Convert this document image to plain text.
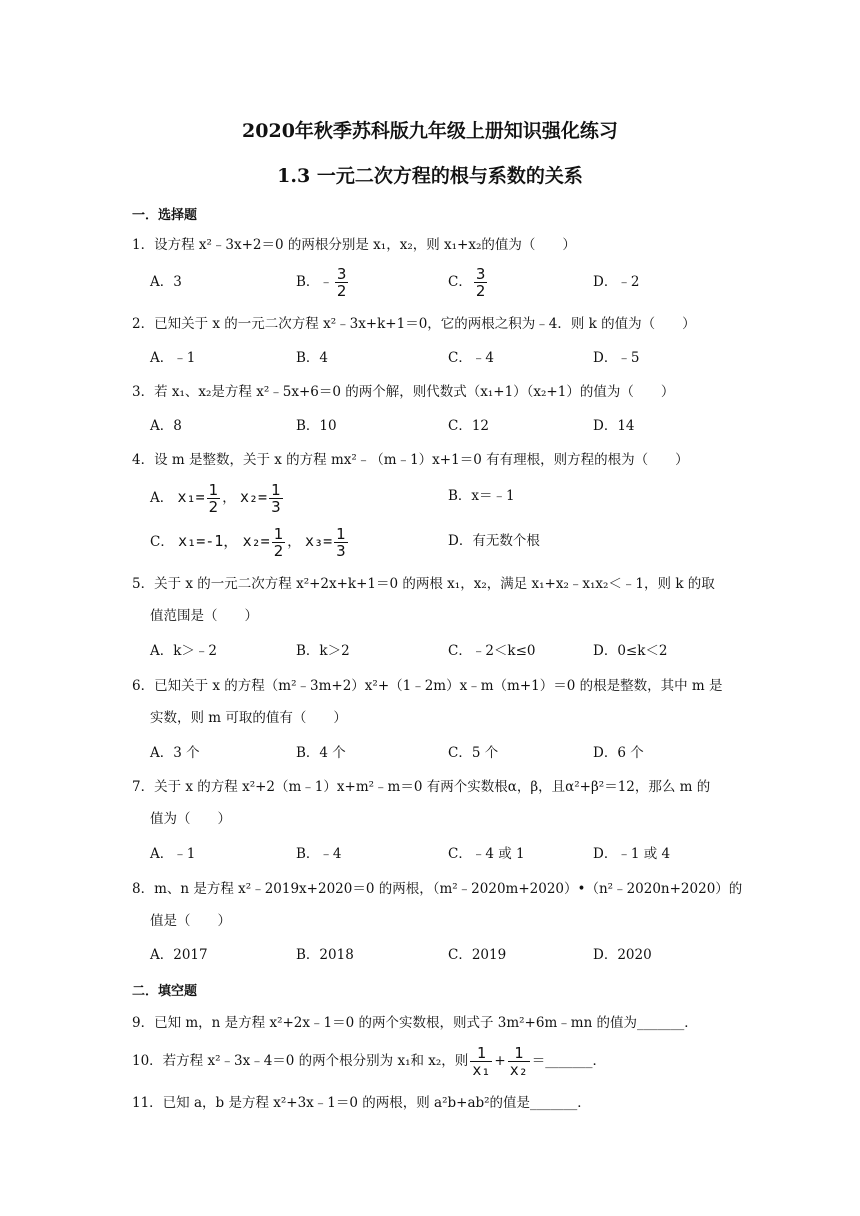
2020年秋季苏科版九年级上册知识强化练习
1.3 一元二次方程的根与系数的关系
一．选择题
1．设方程 x²﹣3x+2＝0 的两根分别是 x₁，x₂，则 x₁+x₂的值为（　　）
A．3	B．﹣ $\frac{3}{2}$	C． $\frac{3}{2}$	D．﹣2
2．已知关于 x 的一元二次方程 x²﹣3x+k+1＝0，它的两根之积为﹣4．则 k 的值为（　　）
A．﹣1	B．4	C．﹣4	D．﹣5
3．若 x₁、x₂是方程 x²﹣5x+6＝0 的两个解，则代数式（x₁+1）（x₂+1）的值为（　　）
A．8	B．10	C．12	D．14
4．设 m 是整数，关于 x 的方程 mx²﹣（m﹣1）x+1＝0 有有理根，则方程的根为（　　）
A． $x_1= \frac{1}{2}$ ， $x_2= \frac{1}{3}$	B．x＝﹣1
C． x₁=-1， $x_2= \frac{1}{2}$ ， $x_3= \frac{1}{3}$	D．有无数个根
5．关于 x 的一元二次方程 x²+2x+k+1＝0 的两根 x₁，x₂，满足 x₁+x₂﹣x₁x₂＜﹣1，则 k 的取
值范围是（　　）
A．k＞﹣2	B．k＞2	C．﹣2＜k≤0	D．0≤k＜2
6．已知关于 x 的方程（m²﹣3m+2）x²+（1﹣2m）x﹣m（m+1）＝0 的根是整数，其中 m 是
实数，则 m 可取的值有（　　）
A．3 个	B．4 个	C．5 个	D．6 个
7．关于 x 的方程 x²+2（m﹣1）x+m²﹣m＝0 有两个实数根α，β，且α²+β²＝12，那么 m 的
值为（　　）
A．﹣1	B．﹣4	C．﹣4 或 1	D．﹣1 或 4
8．m、n 是方程 x²﹣2019x+2020＝0 的两根，（m²﹣2020m+2020）•（n²﹣2020n+2020）的
值是（　　）
A．2017	B．2018	C．2019	D．2020
二．填空题
9．已知 m，n 是方程 x²+2x﹣1＝0 的两个实数根，则式子 3m²+6m﹣mn 的值为_______．
10．若方程 x²﹣3x﹣4＝0 的两个根分别为 x₁和 x₂，则 $\frac{1}{\text{x₁}} + \frac{1}{\text{x₂}}$ ＝_______．
11．已知 a，b 是方程 x²+3x﹣1＝0 的两根，则 a²b+ab²的值是_______．
